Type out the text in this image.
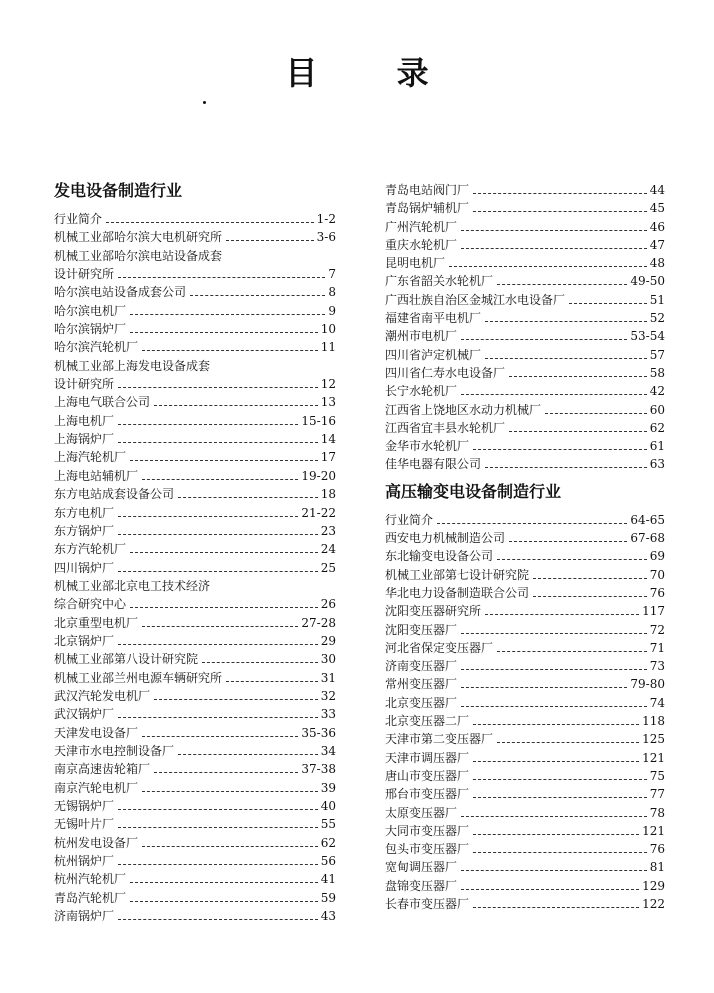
目 录
发电设备制造行业
行业简介	1-2
机械工业部哈尔滨大电机研究所	3-6
机械工业部哈尔滨电站设备成套
设计研究所	7
哈尔滨电站设备成套公司	8
哈尔滨电机厂	9
哈尔滨锅炉厂	10
哈尔滨汽轮机厂	11
机械工业部上海发电设备成套
设计研究所	12
上海电气联合公司	13
上海电机厂	15-16
上海锅炉厂	14
上海汽轮机厂	17
上海电站辅机厂	19-20
东方电站成套设备公司	18
东方电机厂	21-22
东方锅炉厂	23
东方汽轮机厂	24
四川锅炉厂	25
机械工业部北京电工技术经济
综合研究中心	26
北京重型电机厂	27-28
北京锅炉厂	29
机械工业部第八设计研究院	30
机械工业部兰州电源车辆研究所	31
武汉汽轮发电机厂	32
武汉锅炉厂	33
天津发电设备厂	35-36
天津市水电控制设备厂	34
南京高速齿轮箱厂	37-38
南京汽轮电机厂	39
无锡锅炉厂	40
无锡叶片厂	55
杭州发电设备厂	62
杭州锅炉厂	56
杭州汽轮机厂	41
青岛汽轮机厂	59
济南锅炉厂	43
青岛电站阀门厂	44
青岛锅炉辅机厂	45
广州汽轮机厂	46
重庆水轮机厂	47
昆明电机厂	48
广东省韶关水轮机厂	49-50
广西壮族自治区金城江水电设备厂	51
福建省南平电机厂	52
潮州市电机厂	53-54
四川省泸定机械厂	57
四川省仁寿水电设备厂	58
长宁水轮机厂	42
江西省上饶地区水动力机械厂	60
江西省宜丰县水轮机厂	62
金华市水轮机厂	61
佳华电器有限公司	63
高压输变电设备制造行业
行业简介	64-65
西安电力机械制造公司	67-68
东北输变电设备公司	69
机械工业部第七设计研究院	70
华北电力设备制造联合公司	76
沈阳变压器研究所	117
沈阳变压器厂	72
河北省保定变压器厂	71
济南变压器厂	73
常州变压器厂	79-80
北京变压器厂	74
北京变压器二厂	118
天津市第二变压器厂	125
天津市调压器厂	121
唐山市变压器厂	75
邢台市变压器厂	77
太原变压器厂	78
大同市变压器厂	121
包头市变压器厂	76
宽甸调压器厂	81
盘锦变压器厂	129
长春市变压器厂	122
